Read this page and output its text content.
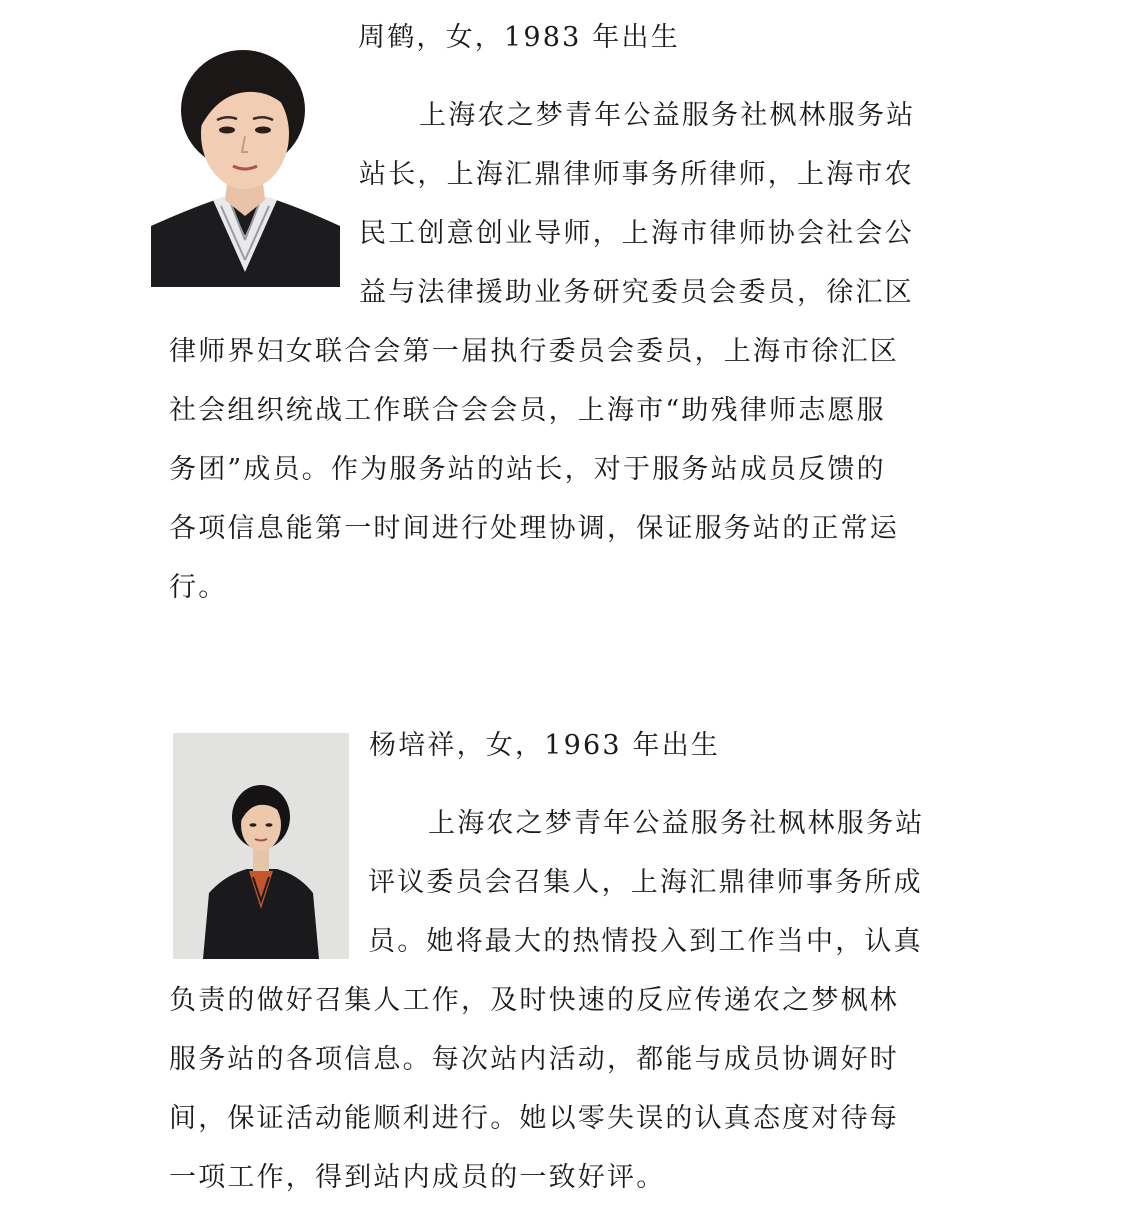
周鹤，女，1983 年出生
上海农之梦青年公益服务社枫林服务站
站长，上海汇鼎律师事务所律师，上海市农
民工创意创业导师，上海市律师协会社会公
益与法律援助业务研究委员会委员，徐汇区
律师界妇女联合会第一届执行委员会委员，上海市徐汇区
社会组织统战工作联合会会员，上海市“助残律师志愿服
务团”成员。作为服务站的站长，对于服务站成员反馈的
各项信息能第一时间进行处理协调，保证服务站的正常运
行。
杨培祥，女，1963 年出生
上海农之梦青年公益服务社枫林服务站
评议委员会召集人，上海汇鼎律师事务所成
员。她将最大的热情投入到工作当中，认真
负责的做好召集人工作，及时快速的反应传递农之梦枫林
服务站的各项信息。每次站内活动，都能与成员协调好时
间，保证活动能顺利进行。她以零失误的认真态度对待每
一项工作，得到站内成员的一致好评。
